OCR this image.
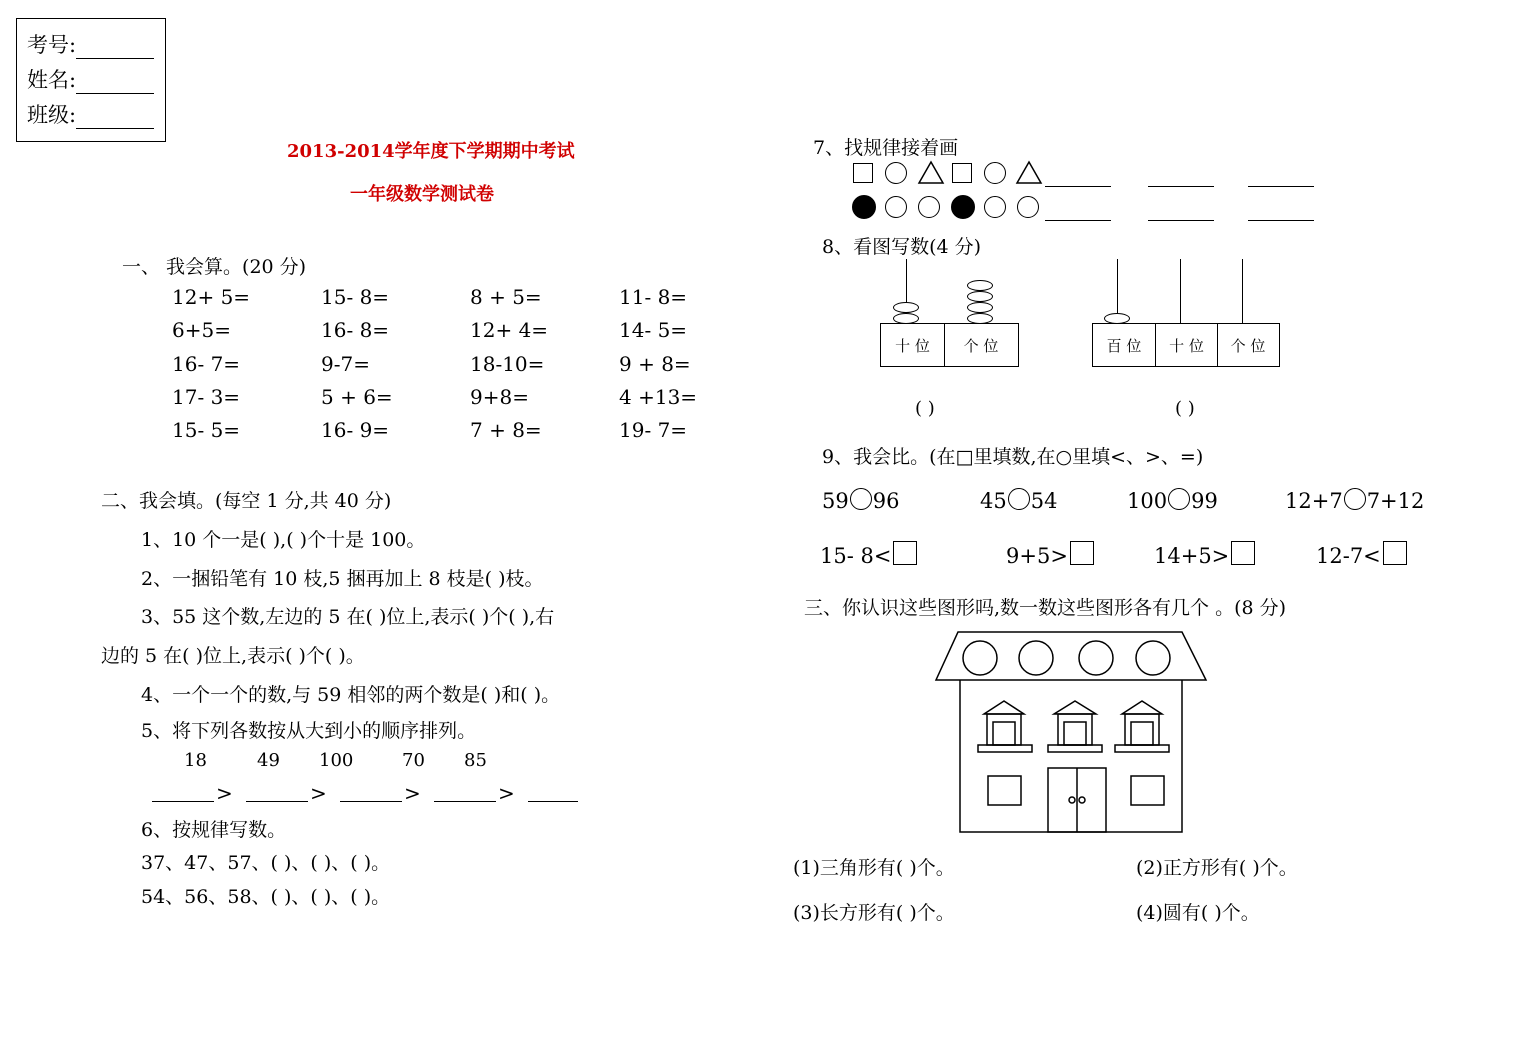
考号:
姓名:
班级:
2013-2014学年度下学期期中考试
一年级数学测试卷
一、 我会算。(20 分)
12+ 5=	15- 8=	8 + 5=	11- 8=
6+5=	16- 8=	12+ 4=	14- 5=
16- 7=	9-7=	18-10=	9 + 8=
17- 3=	5 + 6=	9+8=	4 +13=
15- 5=	16- 9=	7 + 8=	19- 7=
二、我会填。(每空 1 分,共 40 分)
1、10 个一是( ),( )个十是 100。
2、一捆铅笔有 10 枝,5 捆再加上 8 枝是( )枝。
3、55 这个数,左边的 5 在( )位上,表示( )个( ),右
边的 5 在( )位上,表示( )个( )。
4、一个一个的数,与 59 相邻的两个数是( )和( )。
5、将下列各数按从大到小的顺序排列。
18	49 100	70 85
>	>	>	>
6、按规律写数。
37、47、57、( )、( )、( )。
54、56、58、( )、( )、( )。
7、找规律接着画
8、看图写数(4 分)
十 位	个 位
( )
百 位	十 位	个 位
( )
9、我会比。(在□里填数,在○里填<、>、=)
59 96	45 54	100 99	12+7 7+12
15- 8<	9+5>	14+5>	12-7<
三、你认识这些图形吗,数一数这些图形各有几个 。(8 分)
(1)三角形有( )个。	(2)正方形有( )个。
(3)长方形有( )个。	(4)圆有( )个。
